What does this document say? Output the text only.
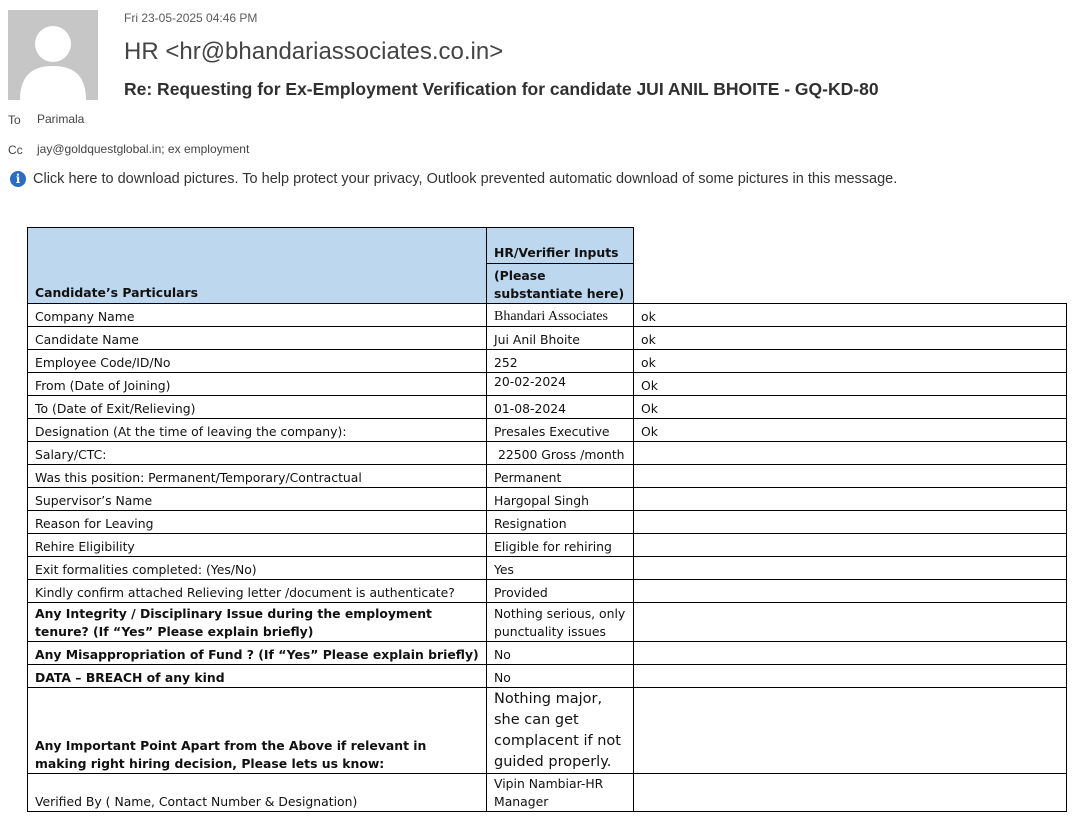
Fri 23-05-2025 04:46 PM
HR <hr@bhandariassociates.co.in>
Re: Requesting for Ex-Employment Verification for candidate JUI ANIL BHOITE - GQ-KD-80
To Parimala
Cc jay@goldquestglobal.in; ex employment
i Click here to download pictures. To help protect your privacy, Outlook prevented automatic download of some pictures in this message.
Candidate’s Particulars	HR/Verifier Inputs	
	(Please substantiate here)	
Company Name	Bhandari Associates	ok
Candidate Name	Jui Anil Bhoite	ok
Employee Code/ID/No	252	ok
From (Date of Joining)	20-02-2024	Ok
To (Date of Exit/Relieving)	01-08-2024	Ok
Designation (At the time of leaving the company):	Presales Executive	Ok
Salary/CTC:	22500 Gross /month	
Was this position: Permanent/Temporary/Contractual	Permanent	
Supervisor’s Name	Hargopal Singh	
Reason for Leaving	Resignation	
Rehire Eligibility	Eligible for rehiring	
Exit formalities completed: (Yes/No)	Yes	
Kindly confirm attached Relieving letter /document is authenticate?	Provided	
Any Integrity / Disciplinary Issue during the employment tenure? (If “Yes” Please explain briefly)	Nothing serious, only punctuality issues	
Any Misappropriation of Fund ? (If “Yes” Please explain briefly)	No	
DATA – BREACH of any kind	No	
Any Important Point Apart from the Above if relevant in making right hiring decision, Please lets us know:	Nothing major, she can get complacent if not guided properly.	
Verified By ( Name, Contact Number & Designation)	Vipin Nambiar-HR Manager	
